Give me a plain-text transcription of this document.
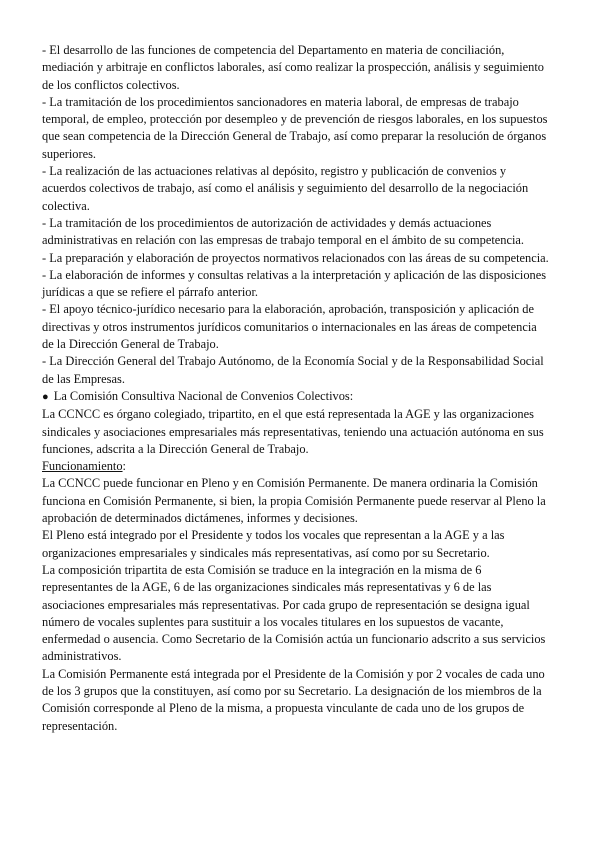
- El desarrollo de las funciones de competencia del Departamento en materia de conciliación, mediación y arbitraje en conflictos laborales, así como realizar la prospección, análisis y seguimiento de los conflictos colectivos.

- La tramitación de los procedimientos sancionadores en materia laboral, de empresas de trabajo temporal, de empleo, protección por desempleo y de prevención de riesgos laborales, en los supuestos que sean competencia de la Dirección General de Trabajo, así como preparar la resolución de órganos superiores.

- La realización de las actuaciones relativas al depósito, registro y publicación de convenios y acuerdos colectivos de trabajo, así como el análisis y seguimiento del desarrollo de la negociación colectiva.

- La tramitación de los procedimientos de autorización de actividades y demás actuaciones administrativas en relación con las empresas de trabajo temporal en el ámbito de su competencia.

- La preparación y elaboración de proyectos normativos relacionados con las áreas de su competencia.

- La elaboración de informes y consultas relativas a la interpretación y aplicación de las disposiciones jurídicas a que se refiere el párrafo anterior.

- El apoyo técnico-jurídico necesario para la elaboración, aprobación, transposición y aplicación de directivas y otros instrumentos jurídicos comunitarios o internacionales en las áreas de competencia de la Dirección General de Trabajo.

- La Dirección General del Trabajo Autónomo, de la Economía Social y de la Responsabilidad Social de las Empresas.

● La Comisión Consultiva Nacional de Convenios Colectivos:

La CCNCC es órgano colegiado, tripartito, en el que está representada la AGE y las organizaciones sindicales y asociaciones empresariales más representativas, teniendo una actuación autónoma en sus funciones, adscrita a la Dirección General de Trabajo.

Funcionamiento:

La CCNCC puede funcionar en Pleno y en Comisión Permanente. De manera ordinaria la Comisión funciona en Comisión Permanente, si bien, la propia Comisión Permanente puede reservar al Pleno la aprobación de determinados dictámenes, informes y decisiones.

El Pleno está integrado por el Presidente y todos los vocales que representan a la AGE y a las organizaciones empresariales y sindicales más representativas, así como por su Secretario.

La composición tripartita de esta Comisión se traduce en la integración en la misma de 6 representantes de la AGE, 6 de las organizaciones sindicales más representativas y 6 de las asociaciones empresariales más representativas. Por cada grupo de representación se designa igual número de vocales suplentes para sustituir a los vocales titulares en los supuestos de vacante, enfermedad o ausencia. Como Secretario de la Comisión actúa un funcionario adscrito a sus servicios administrativos.

La Comisión Permanente está integrada por el Presidente de la Comisión y por 2 vocales de cada uno de los 3 grupos que la constituyen, así como por su Secretario. La designación de los miembros de la Comisión corresponde al Pleno de la misma, a propuesta vinculante de cada uno de los grupos de representación.
